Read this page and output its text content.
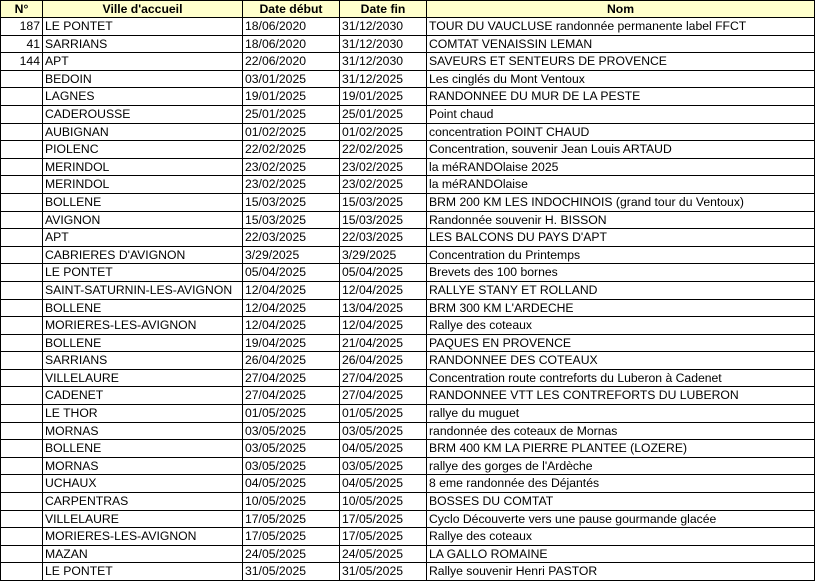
N°	Ville d'accueil	Date début	Date fin	Nom
187	LE PONTET	18/06/2020	31/12/2030	TOUR DU VAUCLUSE randonnée permanente label FFCT
41	SARRIANS	18/06/2020	31/12/2030	COMTAT VENAISSIN LEMAN
144	APT	22/06/2020	31/12/2030	SAVEURS ET SENTEURS DE PROVENCE
	BEDOIN	03/01/2025	31/12/2025	Les cinglés du Mont Ventoux
	LAGNES	19/01/2025	19/01/2025	RANDONNEE DU MUR DE LA PESTE
	CADEROUSSE	25/01/2025	25/01/2025	Point chaud
	AUBIGNAN	01/02/2025	01/02/2025	concentration POINT CHAUD
	PIOLENC	22/02/2025	22/02/2025	Concentration, souvenir Jean Louis ARTAUD
	MERINDOL	23/02/2025	23/02/2025	la méRANDOlaise 2025
	MERINDOL	23/02/2025	23/02/2025	la méRANDOlaise
	BOLLENE	15/03/2025	15/03/2025	BRM 200 KM LES INDOCHINOIS (grand tour du Ventoux)
	AVIGNON	15/03/2025	15/03/2025	Randonnée souvenir H. BISSON
	APT	22/03/2025	22/03/2025	LES BALCONS DU PAYS D'APT
	CABRIERES D'AVIGNON	3/29/2025	3/29/2025	Concentration du Printemps
	LE PONTET	05/04/2025	05/04/2025	Brevets des 100 bornes
	SAINT-SATURNIN-LES-AVIGNON	12/04/2025	12/04/2025	RALLYE STANY ET ROLLAND
	BOLLENE	12/04/2025	13/04/2025	BRM 300 KM L'ARDECHE
	MORIERES-LES-AVIGNON	12/04/2025	12/04/2025	Rallye des coteaux
	BOLLENE	19/04/2025	21/04/2025	PAQUES EN PROVENCE
	SARRIANS	26/04/2025	26/04/2025	RANDONNEE DES COTEAUX
	VILLELAURE	27/04/2025	27/04/2025	Concentration route contreforts du Luberon à Cadenet
	CADENET	27/04/2025	27/04/2025	RANDONNEE VTT LES CONTREFORTS DU LUBERON
	LE THOR	01/05/2025	01/05/2025	rallye du muguet
	MORNAS	03/05/2025	03/05/2025	randonnée des coteaux de Mornas
	BOLLENE	03/05/2025	04/05/2025	BRM 400 KM LA PIERRE PLANTEE (LOZERE)
	MORNAS	03/05/2025	03/05/2025	rallye des gorges de l'Ardèche
	UCHAUX	04/05/2025	04/05/2025	8 eme randonnée des Déjantés
	CARPENTRAS	10/05/2025	10/05/2025	BOSSES DU COMTAT
	VILLELAURE	17/05/2025	17/05/2025	Cyclo Découverte vers une pause gourmande glacée
	MORIERES-LES-AVIGNON	17/05/2025	17/05/2025	Rallye des coteaux
	MAZAN	24/05/2025	24/05/2025	LA GALLO ROMAINE
	LE PONTET	31/05/2025	31/05/2025	Rallye souvenir Henri PASTOR
